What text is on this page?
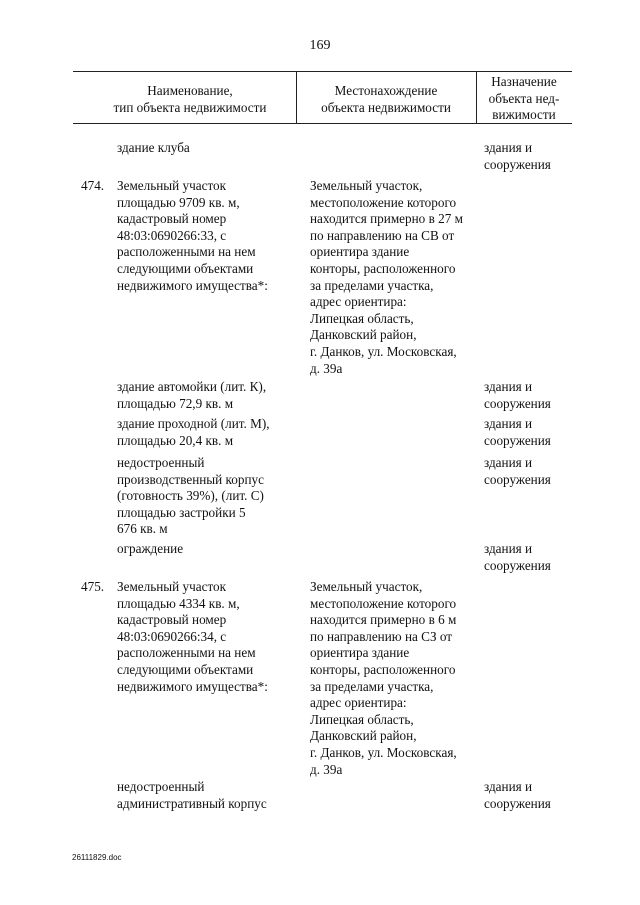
169
Наименование,
тип объекта недвижимости
Местонахождение
объекта недвижимости
Назначение
объекта нед-
вижимости
здание клуба	здания и
сооружения
474. Земельный участок
площадью 9709 кв. м,
кадастровый номер
48:03:0690266:33, с
расположенными на нем
следующими объектами
недвижимого имущества*:
Земельный участок,
местоположение которого
находится примерно в 27 м
по направлению на СВ от
ориентира здание
конторы, расположенного
за пределами участка,
адрес ориентира:
Липецкая область,
Данковский район,
г. Данков, ул. Московская,
д. 39а
здание автомойки (лит. К),
площадью 72,9 кв. м
здания и
сооружения
здание проходной (лит. М),
площадью 20,4 кв. м
здания и
сооружения
недостроенный
производственный корпус
(готовность 39%), (лит. С)
площадью застройки 5
676 кв. м
здания и
сооружения
ограждение	здания и
сооружения
475. Земельный участок
площадью 4334 кв. м,
кадастровый номер
48:03:0690266:34, с
расположенными на нем
следующими объектами
недвижимого имущества*:
Земельный участок,
местоположение которого
находится примерно в 6 м
по направлению на СЗ от
ориентира здание
конторы, расположенного
за пределами участка,
адрес ориентира:
Липецкая область,
Данковский район,
г. Данков, ул. Московская,
д. 39а
недостроенный
административный корпус
здания и
сооружения
26111829.doc
